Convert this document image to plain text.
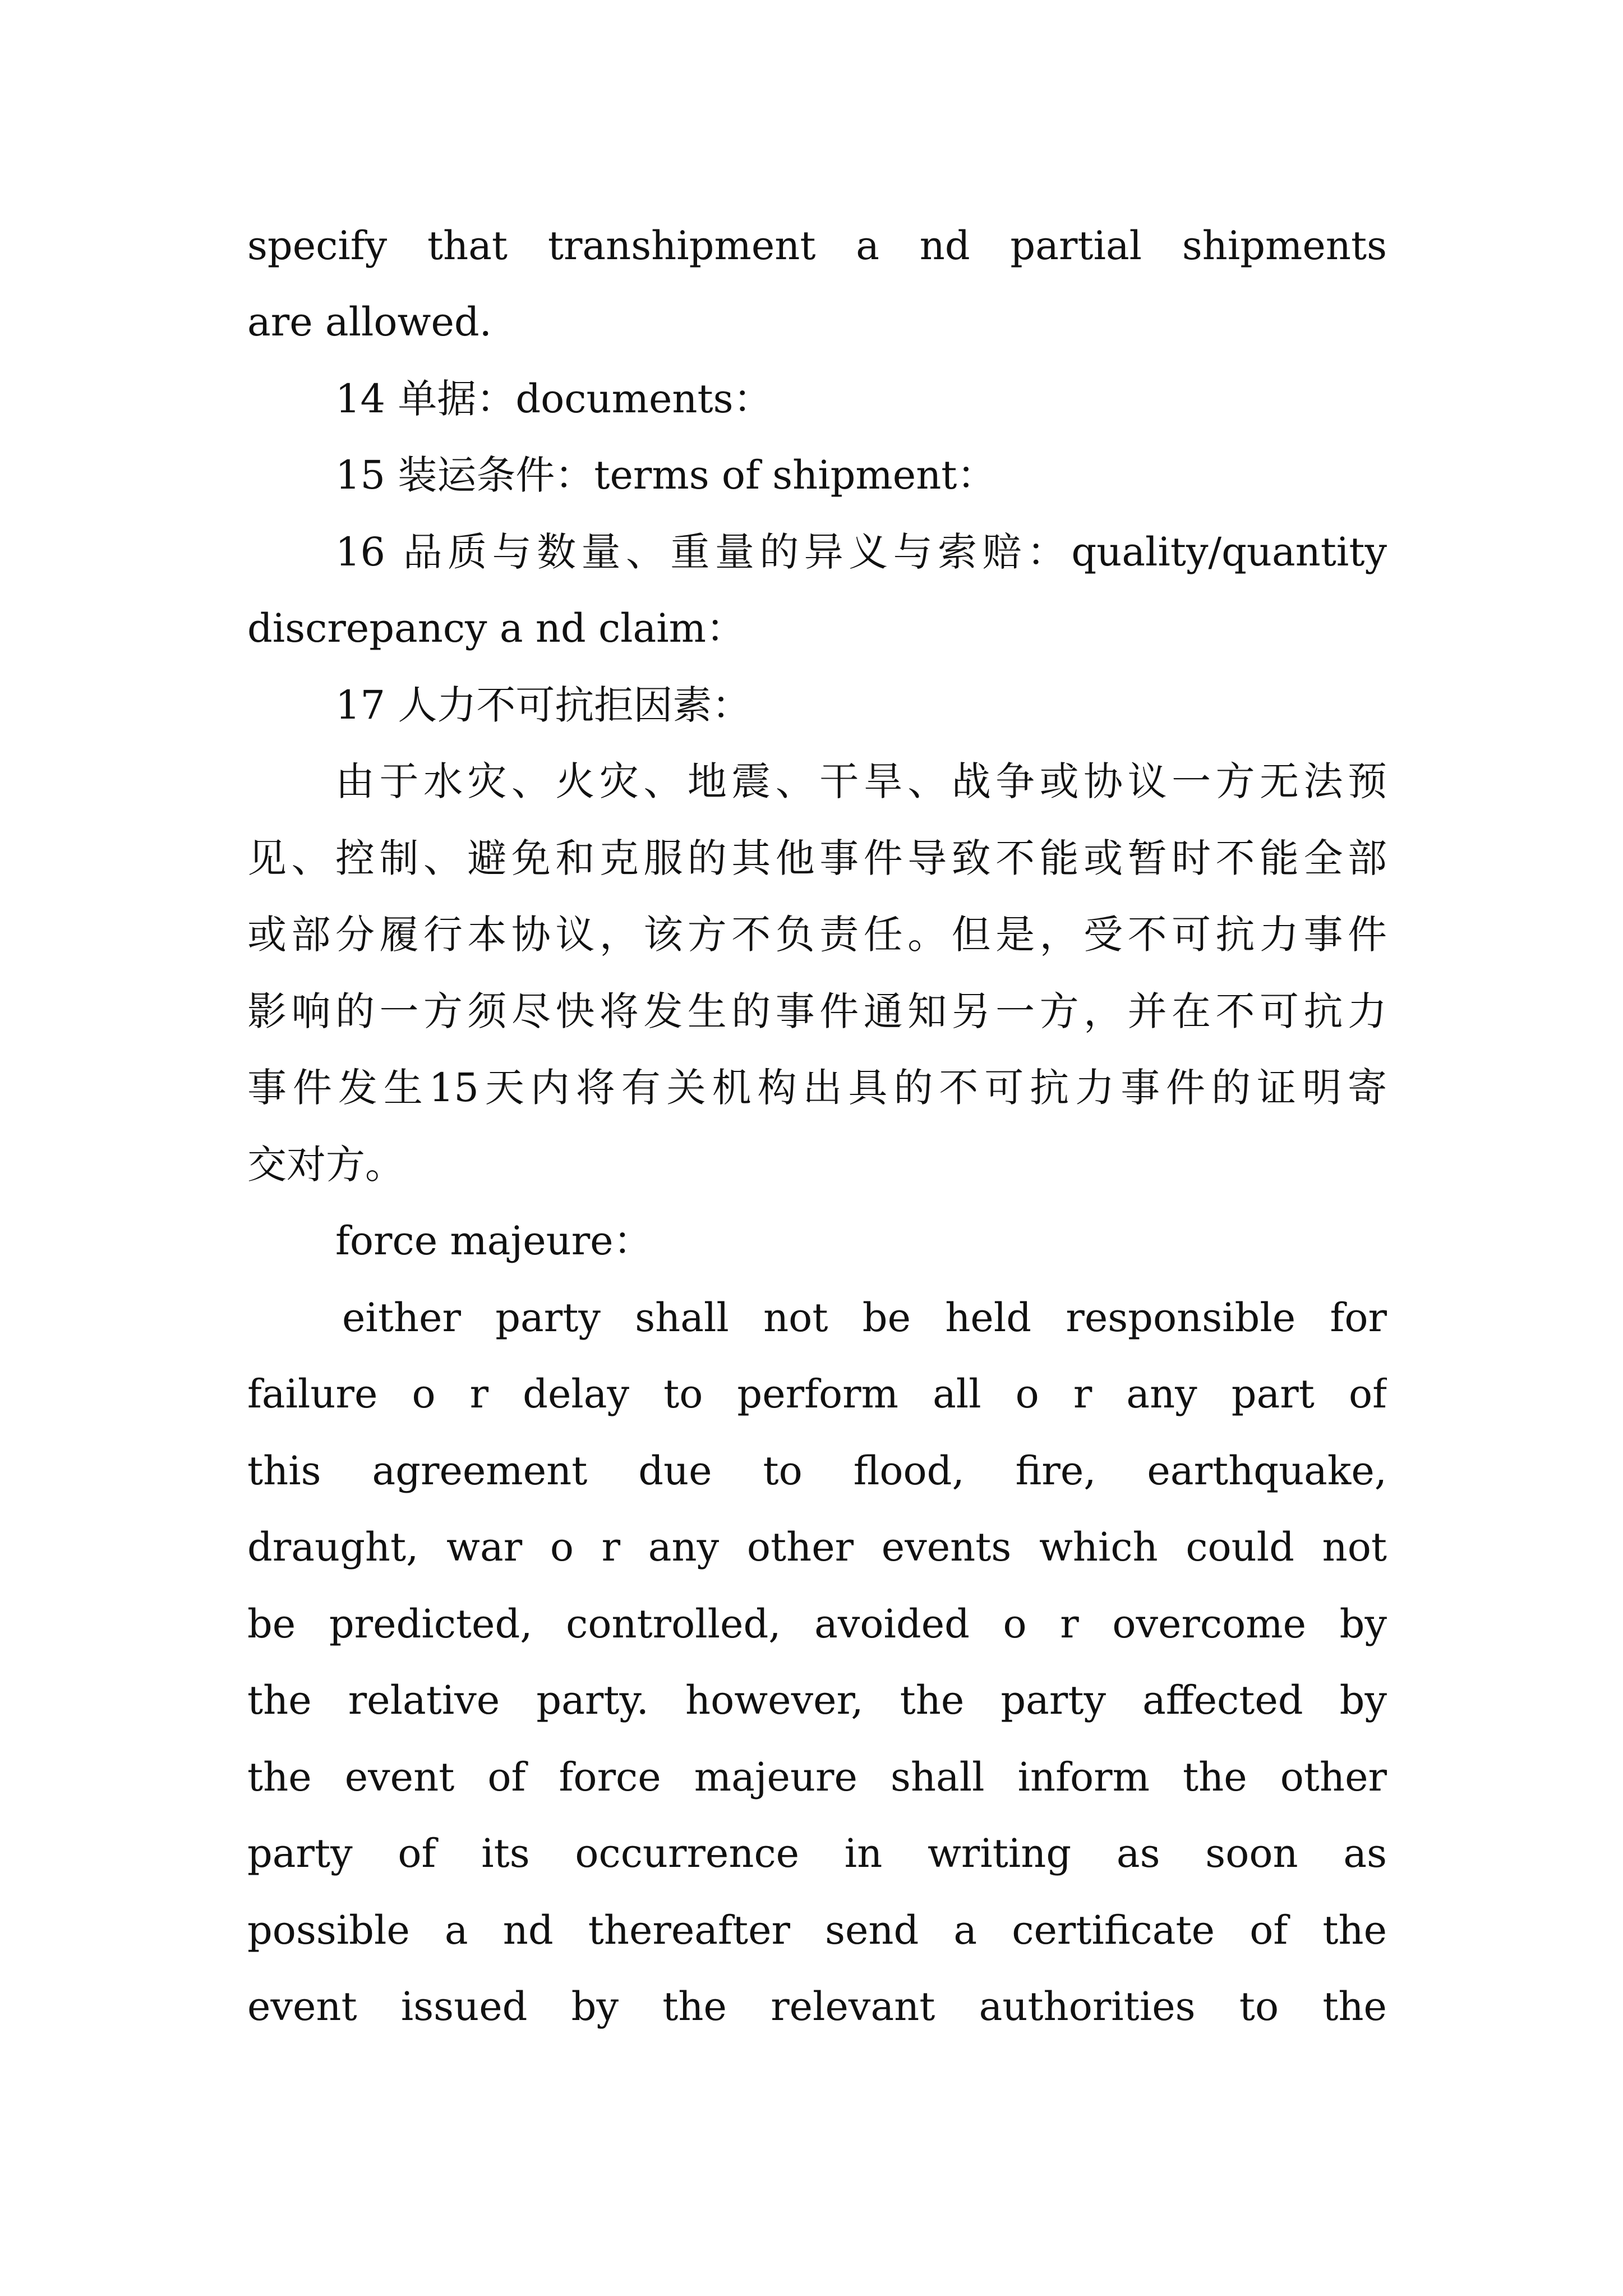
specify that transhipment a nd partial shipments

are allowed.

14 单据：documents：

15 装运条件：terms of shipment：

16 品质与数量、重量的异义与索赔：quality/quantity

discrepancy a nd claim：

17 人力不可抗拒因素：

由于水灾、火灾、地震、干旱、战争或协议一方无法预

见、控制、避免和克服的其他事件导致不能或暂时不能全部

或部分履行本协议，该方不负责任。但是，受不可抗力事件

影响的一方须尽快将发生的事件通知另一方，并在不可抗力

事件发生15天内将有关机构出具的不可抗力事件的证明寄

交对方。

force majeure：

either party shall not be held responsible for

failure o r delay to perform all o r any part of

this agreement due to flood, fire, earthquake,

draught, war o r any other events which could not

be predicted, controlled, avoided o r overcome by

the relative party. however, the party affected by

the event of force majeure shall inform the other

party of its occurrence in writing as soon as

possible a nd thereafter send a certificate of the

event issued by the relevant authorities to the
